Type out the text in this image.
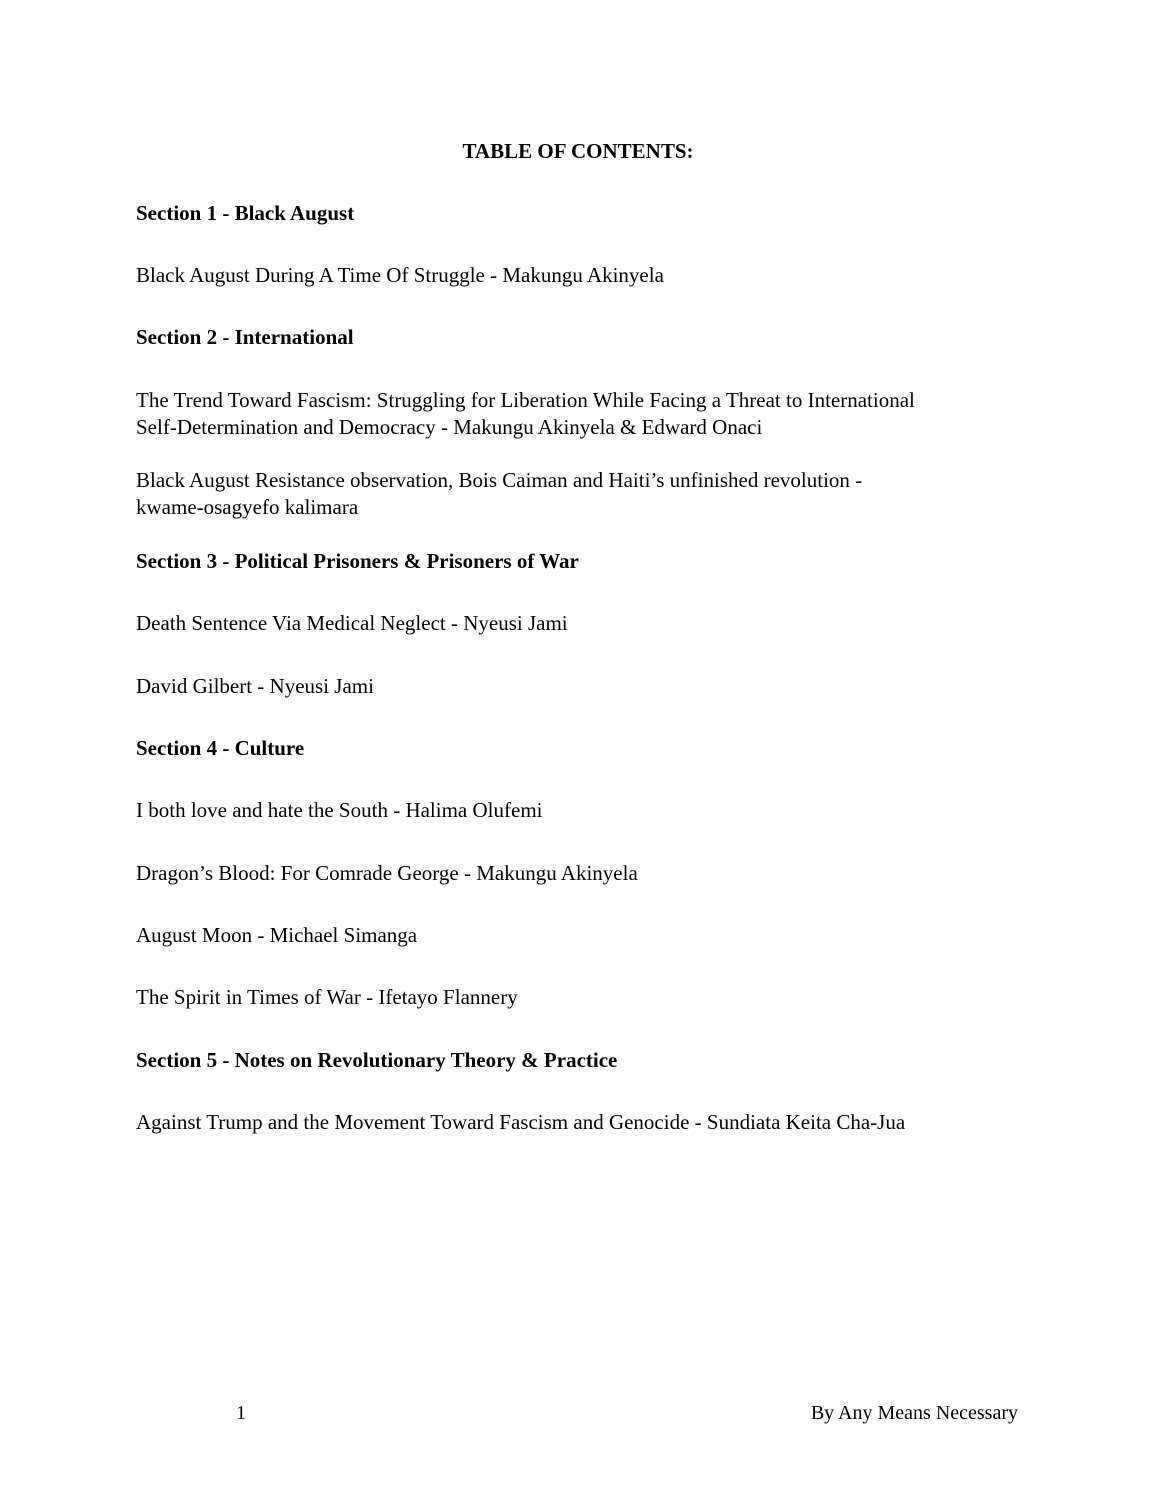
TABLE OF CONTENTS:
Section 1 - Black August
Black August During A Time Of Struggle - Makungu Akinyela
Section 2 - International
The Trend Toward Fascism: Struggling for Liberation While Facing a Threat to International
Self-Determination and Democracy - Makungu Akinyela & Edward Onaci
Black August Resistance observation, Bois Caiman and Haiti’s unfinished revolution -
kwame-osagyefo kalimara
Section 3 - Political Prisoners & Prisoners of War
Death Sentence Via Medical Neglect - Nyeusi Jami
David Gilbert - Nyeusi Jami
Section 4 - Culture
I both love and hate the South - Halima Olufemi
Dragon’s Blood: For Comrade George - Makungu Akinyela
August Moon - Michael Simanga
The Spirit in Times of War - Ifetayo Flannery
Section 5 - Notes on Revolutionary Theory & Practice
Against Trump and the Movement Toward Fascism and Genocide - Sundiata Keita Cha-Jua
1	By Any Means Necessary
